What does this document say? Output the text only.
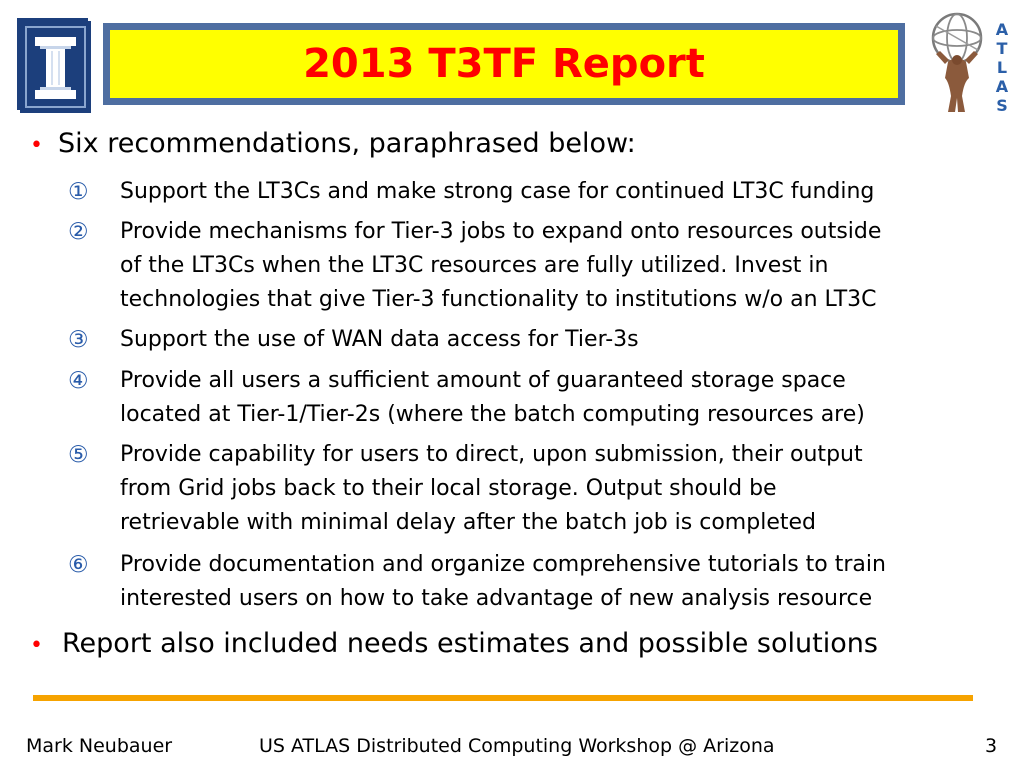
2013 T3TF Report
A
T
L
A
S
• Six recommendations, paraphrased below:
①	Support the LT3Cs and make strong case for continued LT3C funding
②	Provide mechanisms for Tier-3 jobs to expand onto resources outside
of the LT3Cs when the LT3C resources are fully utilized. Invest in
technologies that give Tier-3 functionality to institutions w/o an LT3C
③	Support the use of WAN data access for Tier-3s
④	Provide all users a sufficient amount of guaranteed storage space
located at Tier-1/Tier-2s (where the batch computing resources are)
⑤	Provide capability for users to direct, upon submission, their output
from Grid jobs back to their local storage. Output should be
retrievable with minimal delay after the batch job is completed
⑥	Provide documentation and organize comprehensive tutorials to train
interested users on how to take advantage of new analysis resource
• Report also included needs estimates and possible solutions
Mark Neubauer	US ATLAS Distributed Computing Workshop @ Arizona	3
